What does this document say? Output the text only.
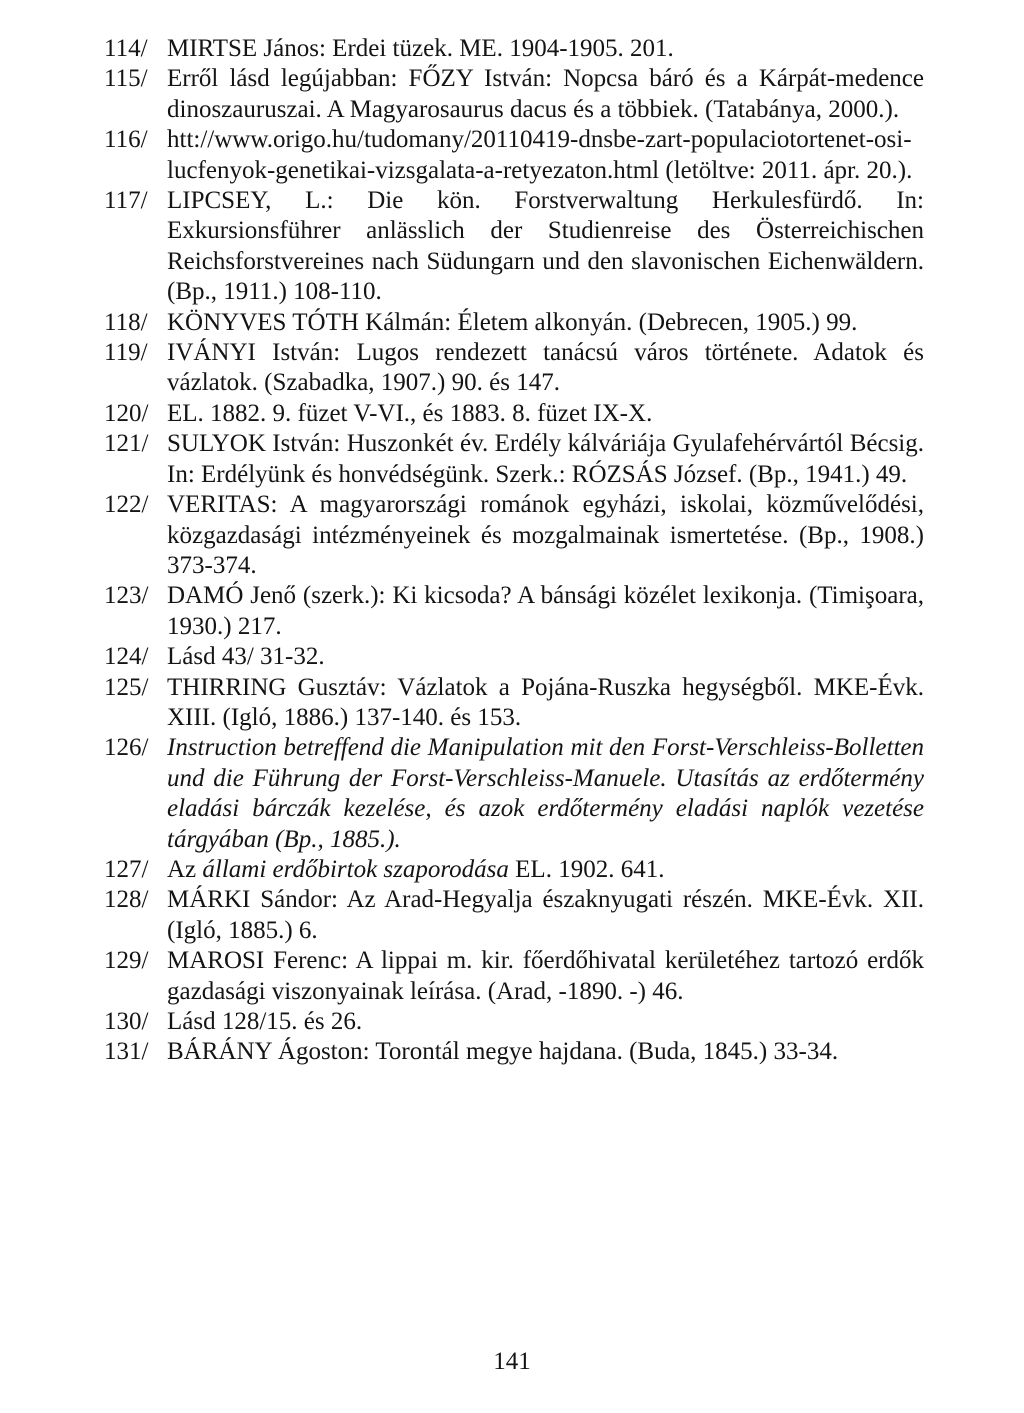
114/ MIRTSE János: Erdei tüzek. ME. 1904-1905. 201.
115/ Erről lásd legújabban: FŐZY István: Nopcsa báró és a Kárpát-medence dinoszauruszai. A Magyarosaurus dacus és a többiek. (Tatabánya, 2000.).
116/ htt://www.origo.hu/tudomany/20110419-dnsbe-zart-populaciotortenet-osi-lucfenyok-genetikai-vizsgalata-a-retyezaton.html (letöltve: 2011. ápr. 20.).
117/ LIPCSEY, L.: Die kön. Forstverwaltung Herkulesfürdő. In: Exkursionsführer anlässlich der Studienreise des Österreichischen Reichsforstvereines nach Südungarn und den slavonischen Eichenwäldern. (Bp., 1911.) 108-110.
118/ KÖNYVES TÓTH Kálmán: Életem alkonyán. (Debrecen, 1905.) 99.
119/ IVÁNYI István: Lugos rendezett tanácsú város története. Adatok és vázlatok. (Szabadka, 1907.) 90. és 147.
120/ EL. 1882. 9. füzet V-VI., és 1883. 8. füzet IX-X.
121/ SULYOK István: Huszonkét év. Erdély kálváriája Gyulafehérvártól Bécsig. In: Erdélyünk és honvédségünk. Szerk.: RÓZSÁS József. (Bp., 1941.) 49.
122/ VERITAS: A magyarországi románok egyházi, iskolai, közművelődési, közgazdasági intézményeinek és mozgalmainak ismertetése. (Bp., 1908.) 373-374.
123/ DAMÓ Jenő (szerk.): Ki kicsoda? A bánsági közélet lexikonja. (Timişoara, 1930.) 217.
124/ Lásd 43/ 31-32.
125/ THIRRING Gusztáv: Vázlatok a Pojána-Ruszka hegységből. MKE-Évk. XIII. (Igló, 1886.) 137-140. és 153.
126/ Instruction betreffend die Manipulation mit den Forst-Verschleiss-Bolletten und die Führung der Forst-Verschleiss-Manuele. Utasítás az erdőtermény eladási bárczák kezelése, és azok erdőtermény eladási naplók vezetése tárgyában (Bp., 1885.).
127/ Az állami erdőbirtok szaporodása EL. 1902. 641.
128/ MÁRKI Sándor: Az Arad-Hegyalja északnyugati részén. MKE-Évk. XII. (Igló, 1885.) 6.
129/ MAROSI Ferenc: A lippai m. kir. főerdőhivatal kerületéhez tartozó erdők gazdasági viszonyainak leírása. (Arad, -1890. -) 46.
130/ Lásd 128/15. és 26.
131/ BÁRÁNY Ágoston: Torontál megye hajdana. (Buda, 1845.) 33-34.
141
